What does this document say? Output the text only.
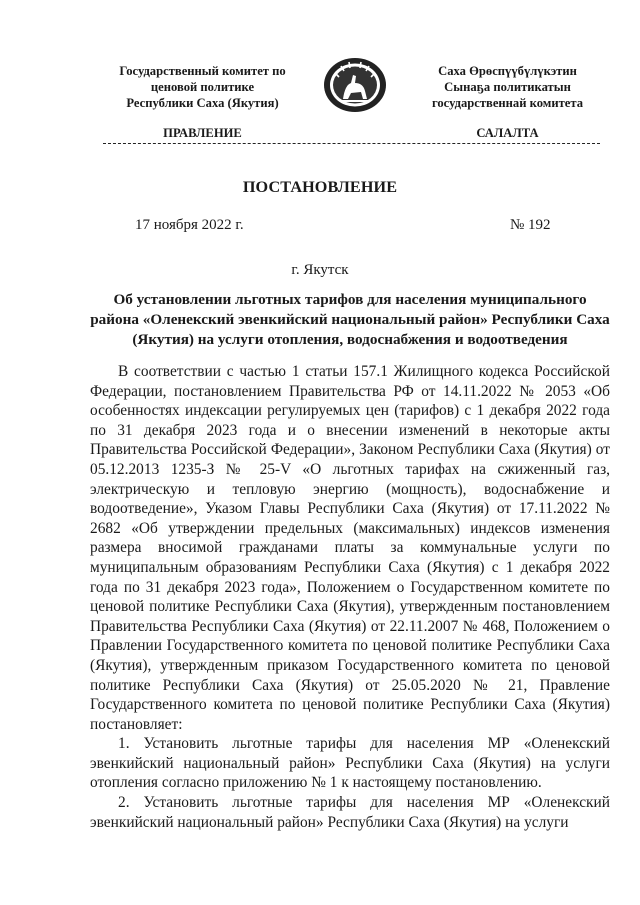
Государственный комитет по
ценовой политике
Республики Саха (Якутия)
Саха Өрөспүүбүлүкэтин
Сынаҕа политикатын
государственнай комитета
ПРАВЛЕНИЕ	САЛАЛТА
ПОСТАНОВЛЕНИЕ
17 ноября 2022 г.	№ 192
г. Якутск
Об установлении льготных тарифов для населения муниципального района «Оленекский эвенкийский национальный район» Республики Саха (Якутия) на услуги отопления, водоснабжения и водоотведения

В соответствии с частью 1 статьи 157.1 Жилищного кодекса Российской Федерации, постановлением Правительства РФ от 14.11.2022 № 2053 «Об особенностях индексации регулируемых цен (тарифов) с 1 декабря 2022 года по 31 декабря 2023 года и о внесении изменений в некоторые акты Правительства Российской Федерации», Законом Республики Саха (Якутия) от 05.12.2013 1235-З № 25-V «О льготных тарифах на сжиженный газ, электрическую и тепловую энергию (мощность), водоснабжение и водоотведение», Указом Главы Республики Саха (Якутия) от 17.11.2022 № 2682 «Об утверждении предельных (максимальных) индексов изменения размера вносимой гражданами платы за коммунальные услуги по муниципальным образованиям Республики Саха (Якутия) с 1 декабря 2022 года по 31 декабря 2023 года», Положением о Государственном комитете по ценовой политике Республики Саха (Якутия), утвержденным постановлением Правительства Республики Саха (Якутия) от 22.11.2007 № 468, Положением о Правлении Государственного комитета по ценовой политике Республики Саха (Якутия), утвержденным приказом Государственного комитета по ценовой политике Республики Саха (Якутия) от 25.05.2020 № 21, Правление Государственного комитета по ценовой политике Республики Саха (Якутия) постановляет:

1. Установить льготные тарифы для населения МР «Оленекский эвенкийский национальный район» Республики Саха (Якутия) на услуги отопления согласно приложению № 1 к настоящему постановлению.

2. Установить льготные тарифы для населения МР «Оленекский эвенкийский национальный район» Республики Саха (Якутия) на услуги
